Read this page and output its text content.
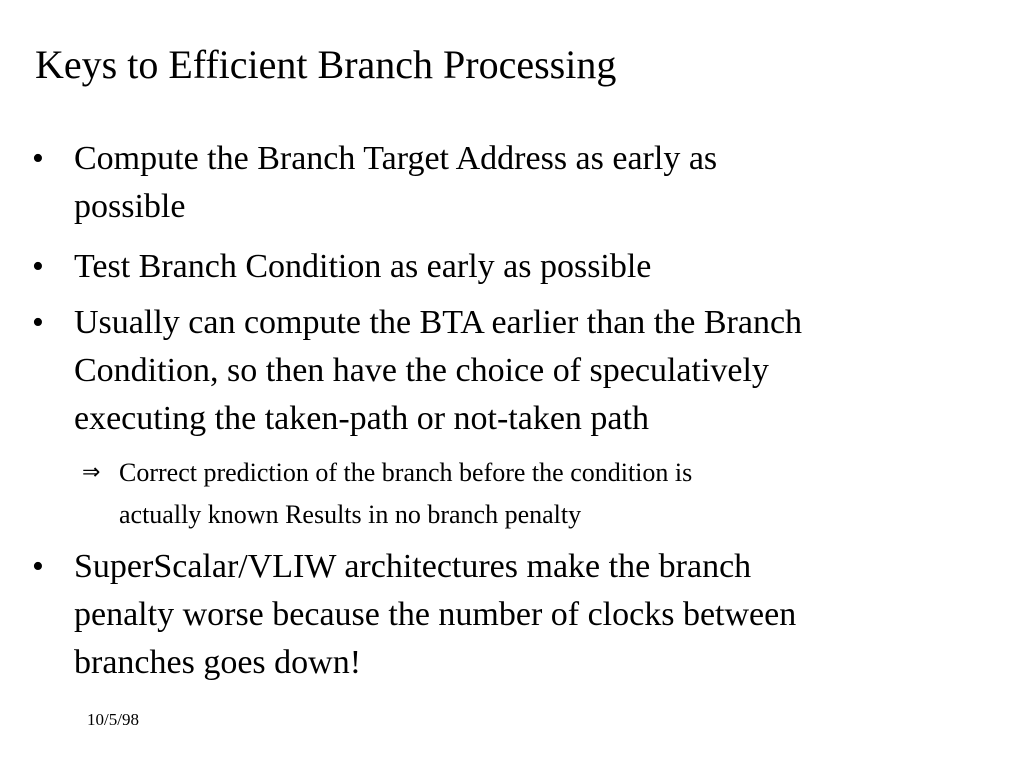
Keys to Efficient Branch Processing
• Compute the Branch Target Address as early as
possible
• Test Branch Condition as early as possible
• Usually can compute the BTA earlier than the Branch
Condition, so then have the choice of speculatively
executing the taken-path or not-taken path
⇒ Correct prediction of the branch before the condition is
actually known Results in no branch penalty
• SuperScalar/VLIW architectures make the branch
penalty worse because the number of clocks between
branches goes down!
10/5/98
